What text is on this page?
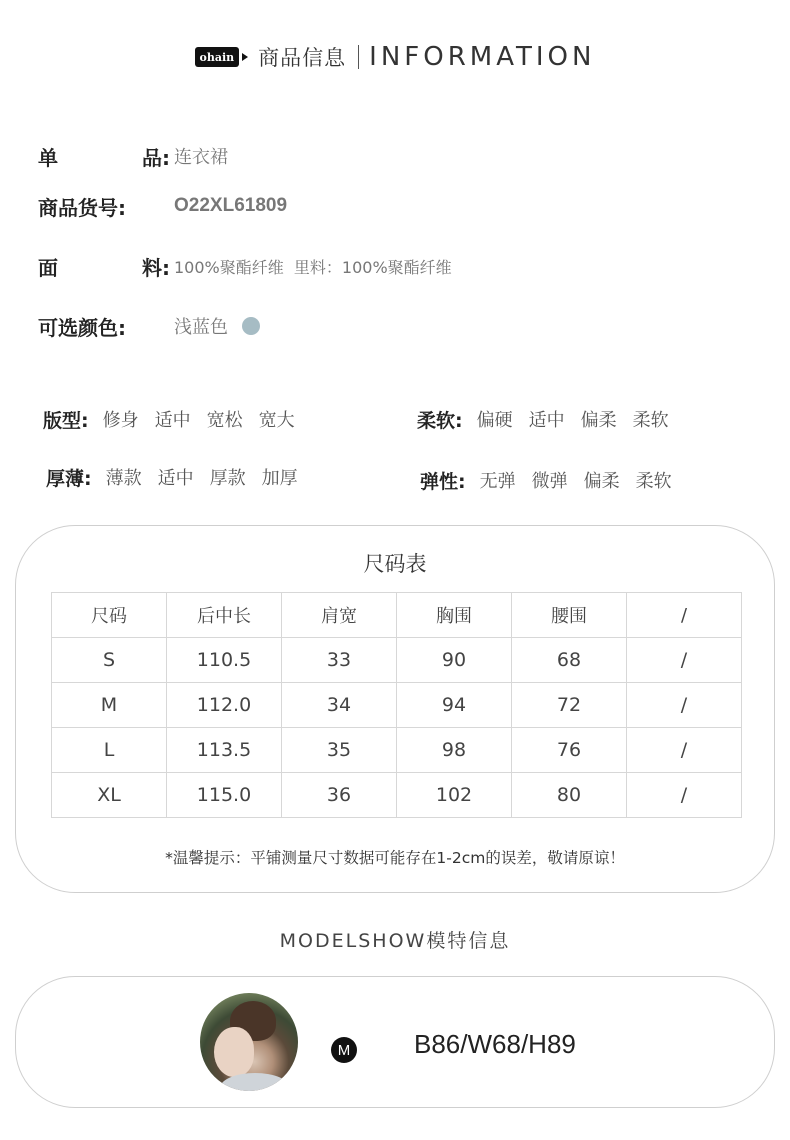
ohain 商品信息 INFORMATION
单	品: 连衣裙
商品货号:	O22XL61809
面	料: 100%聚酯纤维  里料：100%聚酯纤维
可选颜色:	浅蓝色
版型: 修身 适中 宽松 宽大	柔软: 偏硬 适中 偏柔 柔软
厚薄: 薄款 适中 厚款 加厚	弹性: 无弹 微弹 偏柔 柔软
尺码表
尺码	后中长	肩宽	胸围	腰围	/
S	110.5	33	90	68	/
M	112.0	34	94	72	/
L	113.5	35	98	76	/
XL	115.0	36	102	80	/
*温馨提示：平铺测量尺寸数据可能存在1-2cm的误差，敬请原谅！
MODELSHOW模特信息
M B86/W68/H89
